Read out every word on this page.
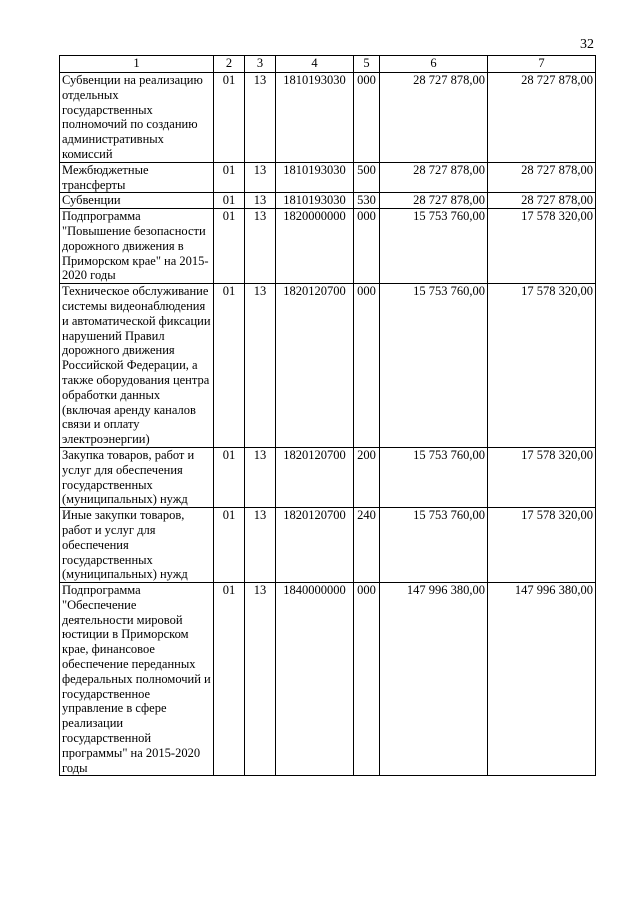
32
1	2	3	4	5	6	7
Субвенции на реализацию отдельных государственных полномочий по созданию административных комиссий	01	13	1810193030	000	28 727 878,00	28 727 878,00
Межбюджетные трансферты	01	13	1810193030	500	28 727 878,00	28 727 878,00
Субвенции	01	13	1810193030	530	28 727 878,00	28 727 878,00
Подпрограмма "Повышение безопасности дорожного движения в Приморском крае" на 2015-2020 годы	01	13	1820000000	000	15 753 760,00	17 578 320,00
Техническое обслуживание системы видеонаблюдения и автоматической фиксации нарушений Правил дорожного движения Российской Федерации, а также оборудования центра обработки данных (включая аренду каналов связи и оплату электроэнергии)	01	13	1820120700	000	15 753 760,00	17 578 320,00
Закупка товаров, работ и услуг для обеспечения государственных (муниципальных) нужд	01	13	1820120700	200	15 753 760,00	17 578 320,00
Иные закупки товаров, работ и услуг для обеспечения государственных (муниципальных) нужд	01	13	1820120700	240	15 753 760,00	17 578 320,00
Подпрограмма "Обеспечение деятельности мировой юстиции в Приморском крае, финансовое обеспечение переданных федеральных полномочий и государственное управление в сфере реализации государственной программы" на 2015-2020 годы	01	13	1840000000	000	147 996 380,00	147 996 380,00
